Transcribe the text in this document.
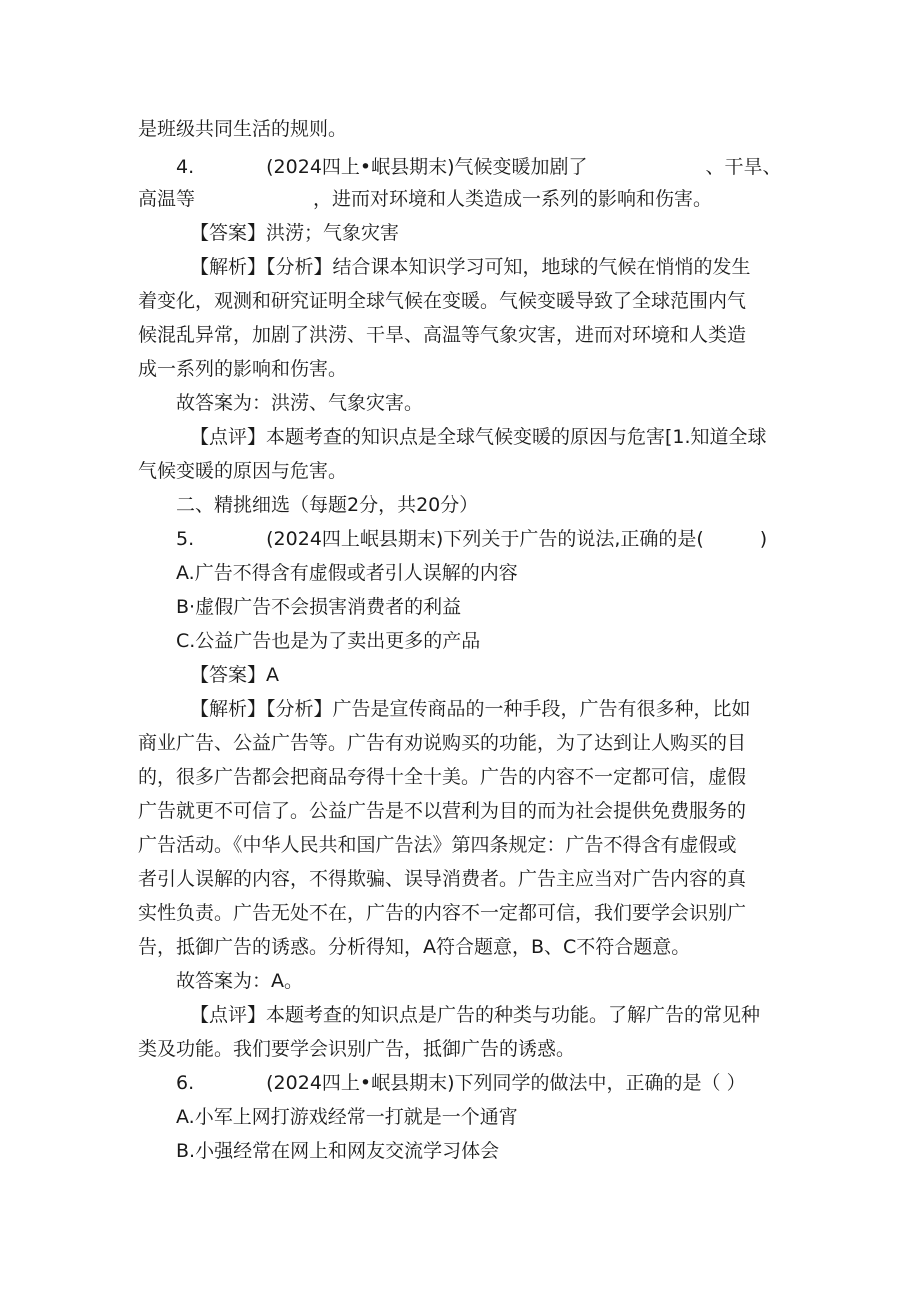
是班级共同生活的规则。
4.	(2024四上•岷县期末)气候变暖加剧了	、干旱、
高温等	，进而对环境和人类造成一系列的影响和伤害。
【答案】洪涝；气象灾害
【解析】【分析】结合课本知识学习可知，地球的气候在悄悄的发生
着变化，观测和研究证明全球气候在变暖。气候变暖导致了全球范围内气
候混乱异常，加剧了洪涝、干旱、高温等气象灾害，进而对环境和人类造
成一系列的影响和伤害。
故答案为：洪涝、气象灾害。
【点评】本题考查的知识点是全球气候变暖的原因与危害[1.知道全球
气候变暖的原因与危害。
二、精挑细选（每题2分，共20分）
5.	(2024四上岷县期末)下列关于广告的说法,正确的是(	)
A.广告不得含有虚假或者引人误解的内容
B·虚假广告不会损害消费者的利益
C.公益广告也是为了卖出更多的产品
【答案】A
【解析】【分析】广告是宣传商品的一种手段，广告有很多种，比如
商业广告、公益广告等。广告有劝说购买的功能，为了达到让人购买的目
的，很多广告都会把商品夸得十全十美。广告的内容不一定都可信，虚假
广告就更不可信了。公益广告是不以营利为目的而为社会提供免费服务的
广告活动。《中华人民共和国广告法》第四条规定：广告不得含有虚假或
者引人误解的内容，不得欺骗、误导消费者。广告主应当对广告内容的真
实性负责。广告无处不在，广告的内容不一定都可信，我们要学会识别广
告，抵御广告的诱惑。分析得知，A符合题意，B、C不符合题意。
故答案为：A。
【点评】本题考查的知识点是广告的种类与功能。了解广告的常见种
类及功能。我们要学会识别广告，抵御广告的诱惑。
6.	(2024四上•岷县期末)下列同学的做法中，正确的是（ ）
A.小军上网打游戏经常一打就是一个通宵
B.小强经常在网上和网友交流学习体会
